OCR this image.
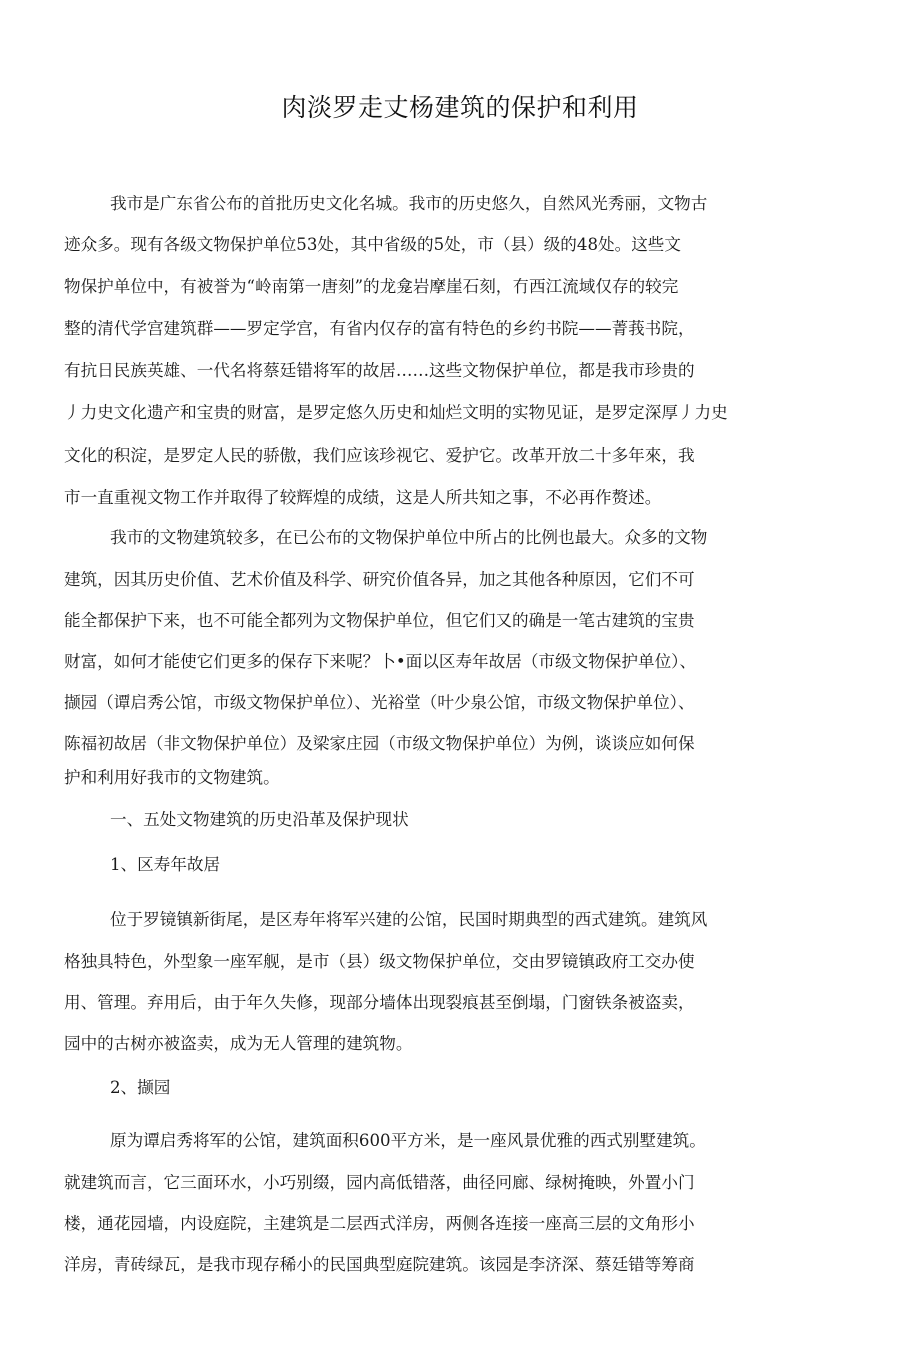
肉淡罗走丈杨建筑的保护和利用
我市是广东省公布的首批历史文化名城。我市的历史悠久，自然风光秀丽，文物古
迹众多。现有各级文物保护单位53处，其中省级的5处，市（县）级的48处。这些文
物保护单位中，有被誉为“岭南第一唐刻”的龙龛岩摩崖石刻，冇西江流域仅存的较完
整的清代学宫建筑群——罗定学宫，有省内仅存的富有特色的乡约书院——菁莪书院，
有抗日民族英雄、一代名将蔡廷错将军的故居……这些文物保护单位，都是我市珍贵的
丿力史文化遗产和宝贵的财富，是罗定悠久历史和灿烂文明的实物见证，是罗定深厚丿力史
文化的积淀，是罗定人民的骄傲，我们应该珍视它、爱护它。改革开放二十多年來，我
市一直重视文物工作并取得了较辉煌的成绩，这是人所共知之事，不必再作赘述。
我市的文物建筑较多，在已公布的文物保护单位中所占的比例也最大。众多的文物
建筑，因其历史价值、艺术价值及科学、研究价值各异，加之其他各种原因，它们不可
能全都保护下来，也不可能全都列为文物保护单位，但它们又的确是一笔古建筑的宝贵
财富，如何才能使它们更多的保存下来呢？卜•面以区寿年故居（市级文物保护单位）、
撷园（谭启秀公馆，市级文物保护单位）、光裕堂（叶少泉公馆，市级文物保护单位）、
陈福初故居（非文物保护单位）及梁家庄园（市级文物保护单位）为例，谈谈应如何保
护和利用好我市的文物建筑。
一、五处文物建筑的历史沿革及保护现状
1、区寿年故居
位于罗镜镇新街尾，是区寿年将军兴建的公馆，民国时期典型的西式建筑。建筑风
格独具特色，外型象一座军舰，是市（县）级文物保护单位，交由罗镜镇政府工交办使
用、管理。弃用后，由于年久失修，现部分墙体出现裂痕甚至倒塌，门窗铁条被盗卖，
园中的古树亦被盗卖，成为无人管理的建筑物。
2、撷园
原为谭启秀将军的公馆，建筑面积600平方米，是一座风景优雅的西式别墅建筑。
就建筑而言，它三面环水，小巧别缀，园内高低错落，曲径冋廊、绿树掩映，外置小门
楼，通花园墙，内设庭院，主建筑是二层西式洋房，两侧各连接一座高三层的文角形小
洋房，青砖绿瓦，是我市现存稀小的民国典型庭院建筑。该园是李济深、蔡廷错等筹商
